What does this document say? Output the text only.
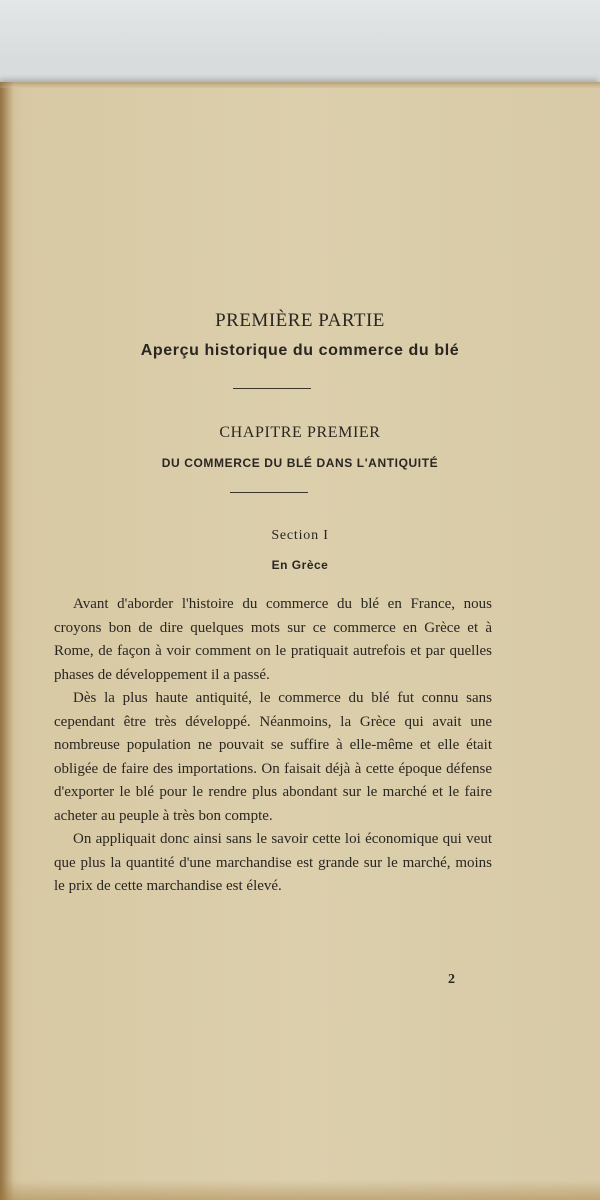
PREMIÈRE PARTIE
Aperçu historique du commerce du blé
CHAPITRE PREMIER
DU COMMERCE DU BLÉ DANS L'ANTIQUITÉ
Section I
En Grèce

Avant d'aborder l'histoire du commerce du blé en France, nous croyons bon de dire quelques mots sur ce commerce en Grèce et à Rome, de façon à voir comment on le pratiquait autrefois et par quelles phases de développement il a passé.

Dès la plus haute antiquité, le commerce du blé fut connu sans cependant être très développé. Néanmoins, la Grèce qui avait une nombreuse population ne pouvait se suffire à elle-même et elle était obligée de faire des importations. On faisait déjà à cette époque défense d'exporter le blé pour le rendre plus abondant sur le marché et le faire acheter au peuple à très bon compte.

On appliquait donc ainsi sans le savoir cette loi économique qui veut que plus la quantité d'une marchandise est grande sur le marché, moins le prix de cette marchandise est élevé.

2
